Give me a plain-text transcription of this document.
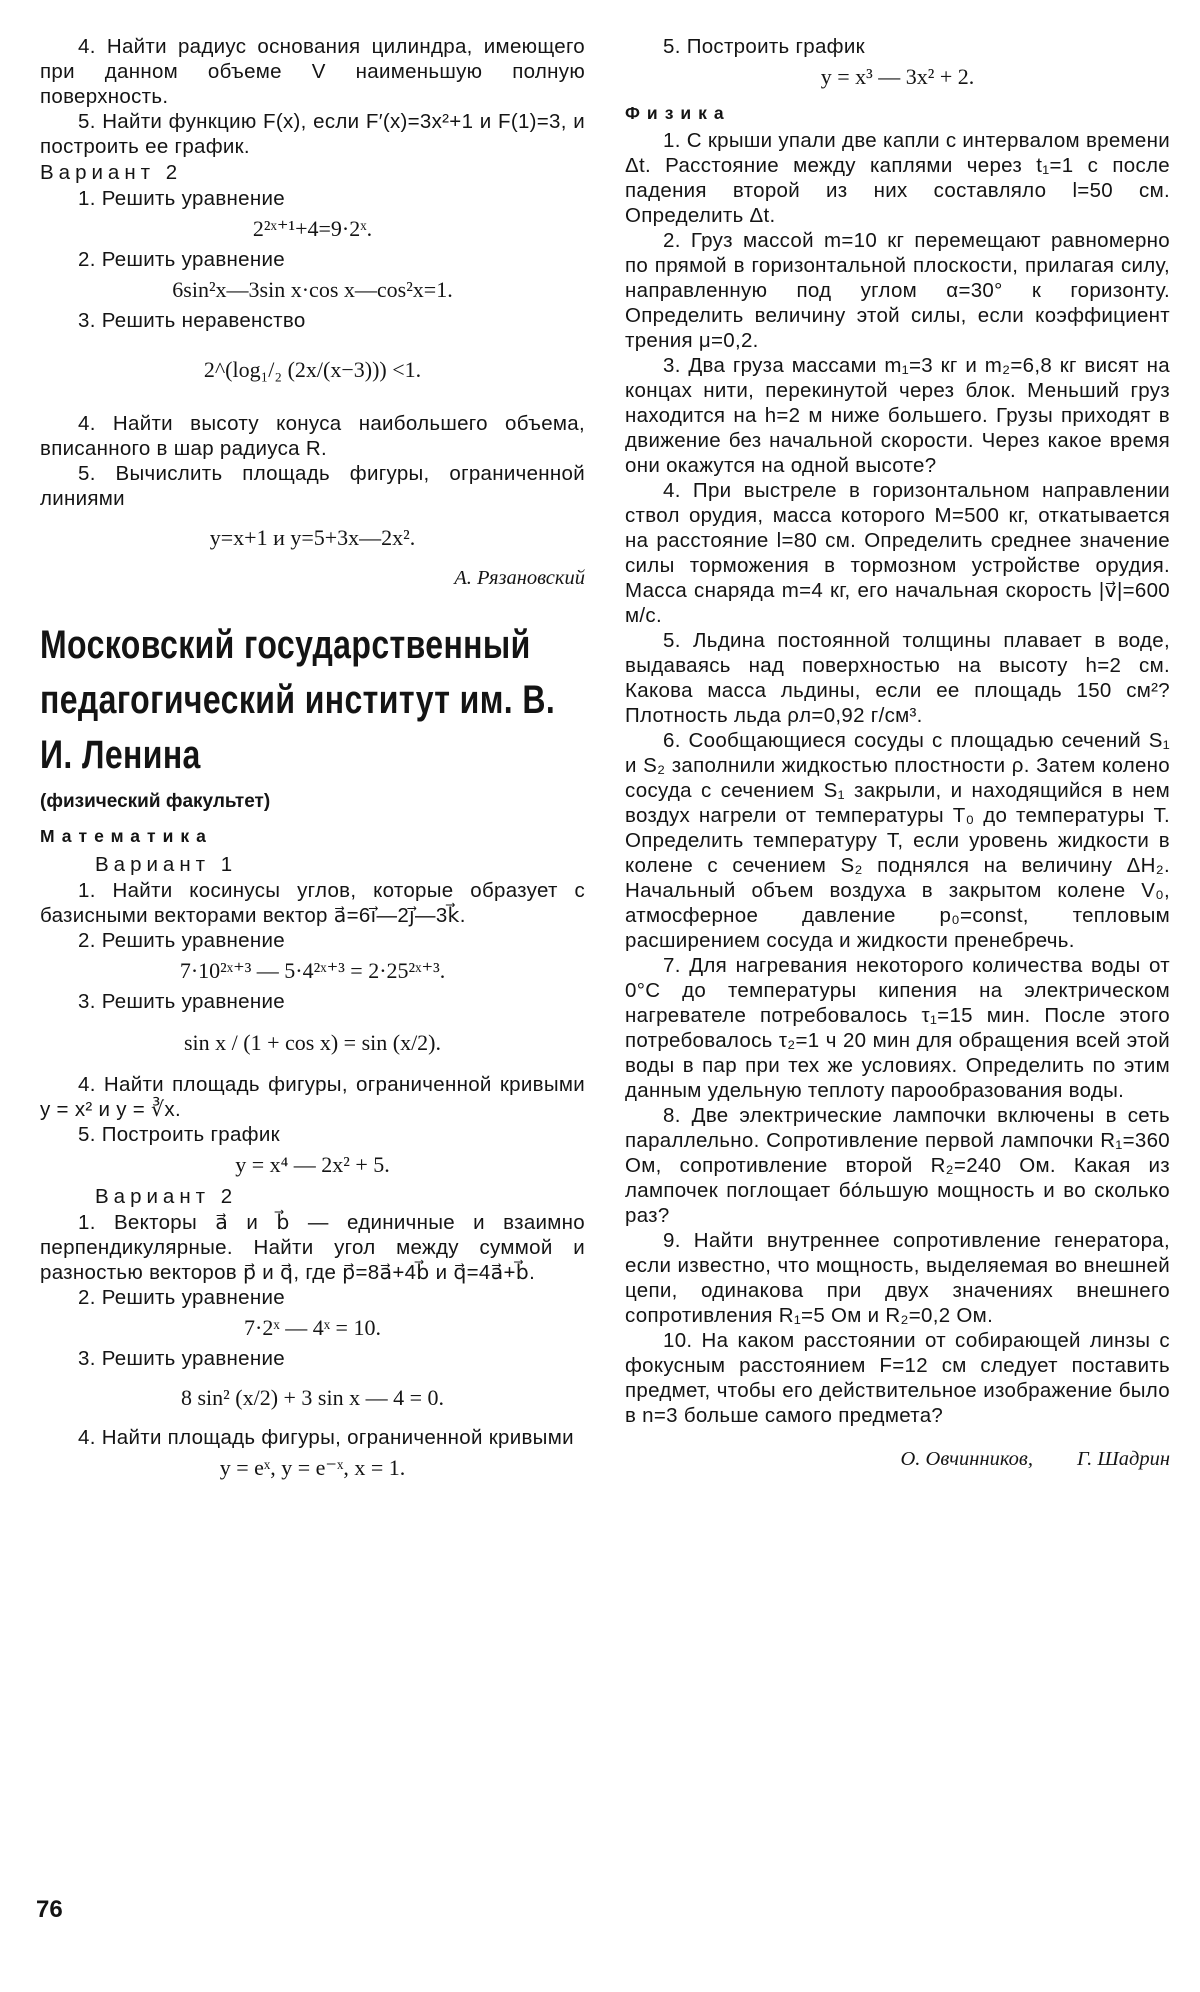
4. Найти радиус основания цилиндра, имеющего при данном объеме V наименьшую полную поверхность.

5. Найти функцию F(x), если F′(x)=3x²+1 и F(1)=3, и построить ее график.

Вариант 2

1. Решить уравнение

2²ˣ⁺¹+4=9·2ˣ.

2. Решить уравнение

6sin²x—3sin x·cos x—cos²x=1.

3. Решить неравенство

2^(log₁/₂ (2x/(x−3))) <1.

4. Найти высоту конуса наибольшего объема, вписанного в шар радиуса R.

5. Вычислить площадь фигуры, ограниченной линиями

y=x+1 и y=5+3x—2x².
А. Рязановский
Московский государственный педагогический институт им. В. И. Ленина
(физический факультет)
Математика

Вариант 1

1. Найти косинусы углов, которые образует с базисными векторами вектор a⃗=6i⃗—2j⃗—3k⃗.

2. Решить уравнение

7·10²ˣ⁺³ — 5·4²ˣ⁺³ = 2·25²ˣ⁺³.

3. Решить уравнение

sin x / (1 + cos x) = sin (x/2).

4. Найти площадь фигуры, ограниченной кривыми y = x² и y = ∛x.

5. Построить график

y = x⁴ — 2x² + 5.

Вариант 2

1. Векторы a⃗ и b⃗ — единичные и взаимно перпендикулярные. Найти угол между суммой и разностью векторов p⃗ и q⃗, где p⃗=8a⃗+4b⃗ и q⃗=4a⃗+b⃗.

2. Решить уравнение

7·2ˣ — 4ˣ = 10.

3. Решить уравнение

8 sin² (x/2) + 3 sin x — 4 = 0.

4. Найти площадь фигуры, ограниченной кривыми

y = eˣ, y = e⁻ˣ, x = 1.

5. Построить график

y = x³ — 3x² + 2.
Физика

1. С крыши упали две капли с интервалом времени Δt. Расстояние между каплями через t₁=1 с после падения второй из них составляло l=50 см. Определить Δt.

2. Груз массой m=10 кг перемещают равномерно по прямой в горизонтальной плоскости, прилагая силу, направленную под углом α=30° к горизонту. Определить величину этой силы, если коэффициент трения μ=0,2.

3. Два груза массами m₁=3 кг и m₂=6,8 кг висят на концах нити, перекинутой через блок. Меньший груз находится на h=2 м ниже большего. Грузы приходят в движение без начальной скорости. Через какое время они окажутся на одной высоте?

4. При выстреле в горизонтальном направлении ствол орудия, масса которого M=500 кг, откатывается на расстояние l=80 см. Определить среднее значение силы торможения в тормозном устройстве орудия. Масса снаряда m=4 кг, его начальная скорость |v⃗|=600 м/с.

5. Льдина постоянной толщины плавает в воде, выдаваясь над поверхностью на высоту h=2 см. Какова масса льдины, если ее площадь 150 см²? Плотность льда ρл=0,92 г/см³.

6. Сообщающиеся сосуды с площадью сечений S₁ и S₂ заполнили жидкостью плостности ρ. Затем колено сосуда с сечением S₁ закрыли, и находящийся в нем воздух нагрели от температуры T₀ до температуры T. Определить температуру T, если уровень жидкости в колене с сечением S₂ поднялся на величину ΔH₂. Начальный объем воздуха в закрытом колене V₀, атмосферное давление p₀=const, тепловым расширением сосуда и жидкости пренебречь.

7. Для нагревания некоторого количества воды от 0°С до температуры кипения на электрическом нагревателе потребовалось τ₁=15 мин. После этого потребовалось τ₂=1 ч 20 мин для обращения всей этой воды в пар при тех же условиях. Определить по этим данным удельную теплоту парообразования воды.

8. Две электрические лампочки включены в сеть параллельно. Сопротивление первой лампочки R₁=360 Ом, сопротивление второй R₂=240 Ом. Какая из лампочек поглощает бо́льшую мощность и во сколько раз?

9. Найти внутреннее сопротивление генератора, если известно, что мощность, выделяемая во внешней цепи, одинакова при двух значениях внешнего сопротивления R₁=5 Ом и R₂=0,2 Ом.

10. На каком расстоянии от собирающей линзы с фокусным расстоянием F=12 см следует поставить предмет, чтобы его действительное изображение было в n=3 больше самого предмета?

О. Овчинников, Г. Шадрин
76
